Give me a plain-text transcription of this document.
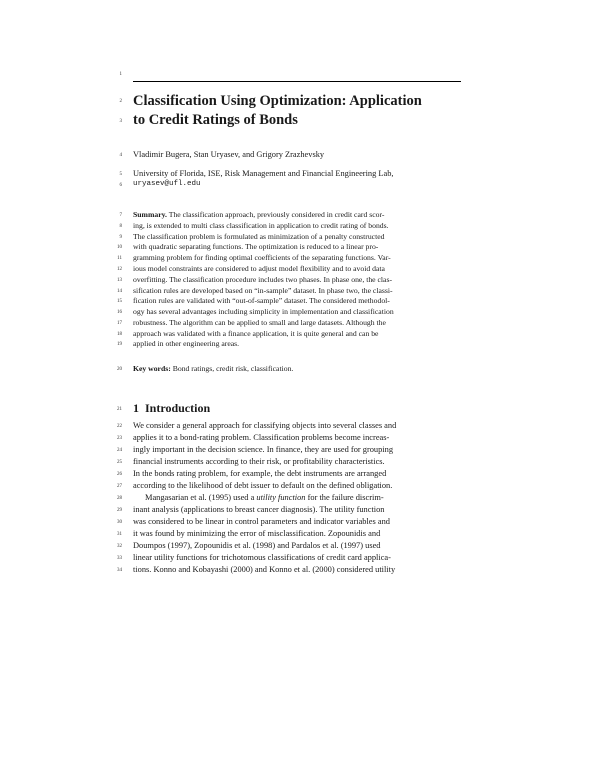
1
2
3
4
5
6
7
8
9
10
11
12
13
14
15
16
17
18
19
20
21
22
23
24
25
26
27
28
29
30
31
32
33
34
Classification Using Optimization: Application
to Credit Ratings of Bonds
Vladimir Bugera, Stan Uryasev, and Grigory Zrazhevsky
University of Florida, ISE, Risk Management and Financial Engineering Lab,
uryasev@ufl.edu
Summary. The classification approach, previously considered in credit card scor-
ing, is extended to multi class classification in application to credit rating of bonds.
The classification problem is formulated as minimization of a penalty constructed
with quadratic separating functions. The optimization is reduced to a linear pro-
gramming problem for finding optimal coefficients of the separating functions. Var-
ious model constraints are considered to adjust model flexibility and to avoid data
overfitting. The classification procedure includes two phases. In phase one, the clas-
sification rules are developed based on “in-sample” dataset. In phase two, the classi-
fication rules are validated with “out-of-sample” dataset. The considered methodol-
ogy has several advantages including simplicity in implementation and classification
robustness. The algorithm can be applied to small and large datasets. Although the
approach was validated with a finance application, it is quite general and can be
applied in other engineering areas.
Key words: Bond ratings, credit risk, classification.
1 Introduction
We consider a general approach for classifying objects into several classes and
applies it to a bond-rating problem. Classification problems become increas-
ingly important in the decision science. In finance, they are used for grouping
financial instruments according to their risk, or profitability characteristics.
In the bonds rating problem, for example, the debt instruments are arranged
according to the likelihood of debt issuer to default on the defined obligation.
Mangasarian et al. (1995) used a utility function for the failure discrim-
inant analysis (applications to breast cancer diagnosis). The utility function
was considered to be linear in control parameters and indicator variables and
it was found by minimizing the error of misclassification. Zopounidis and
Doumpos (1997), Zopounidis et al. (1998) and Pardalos et al. (1997) used
linear utility functions for trichotomous classifications of credit card applica-
tions. Konno and Kobayashi (2000) and Konno et al. (2000) considered utility
